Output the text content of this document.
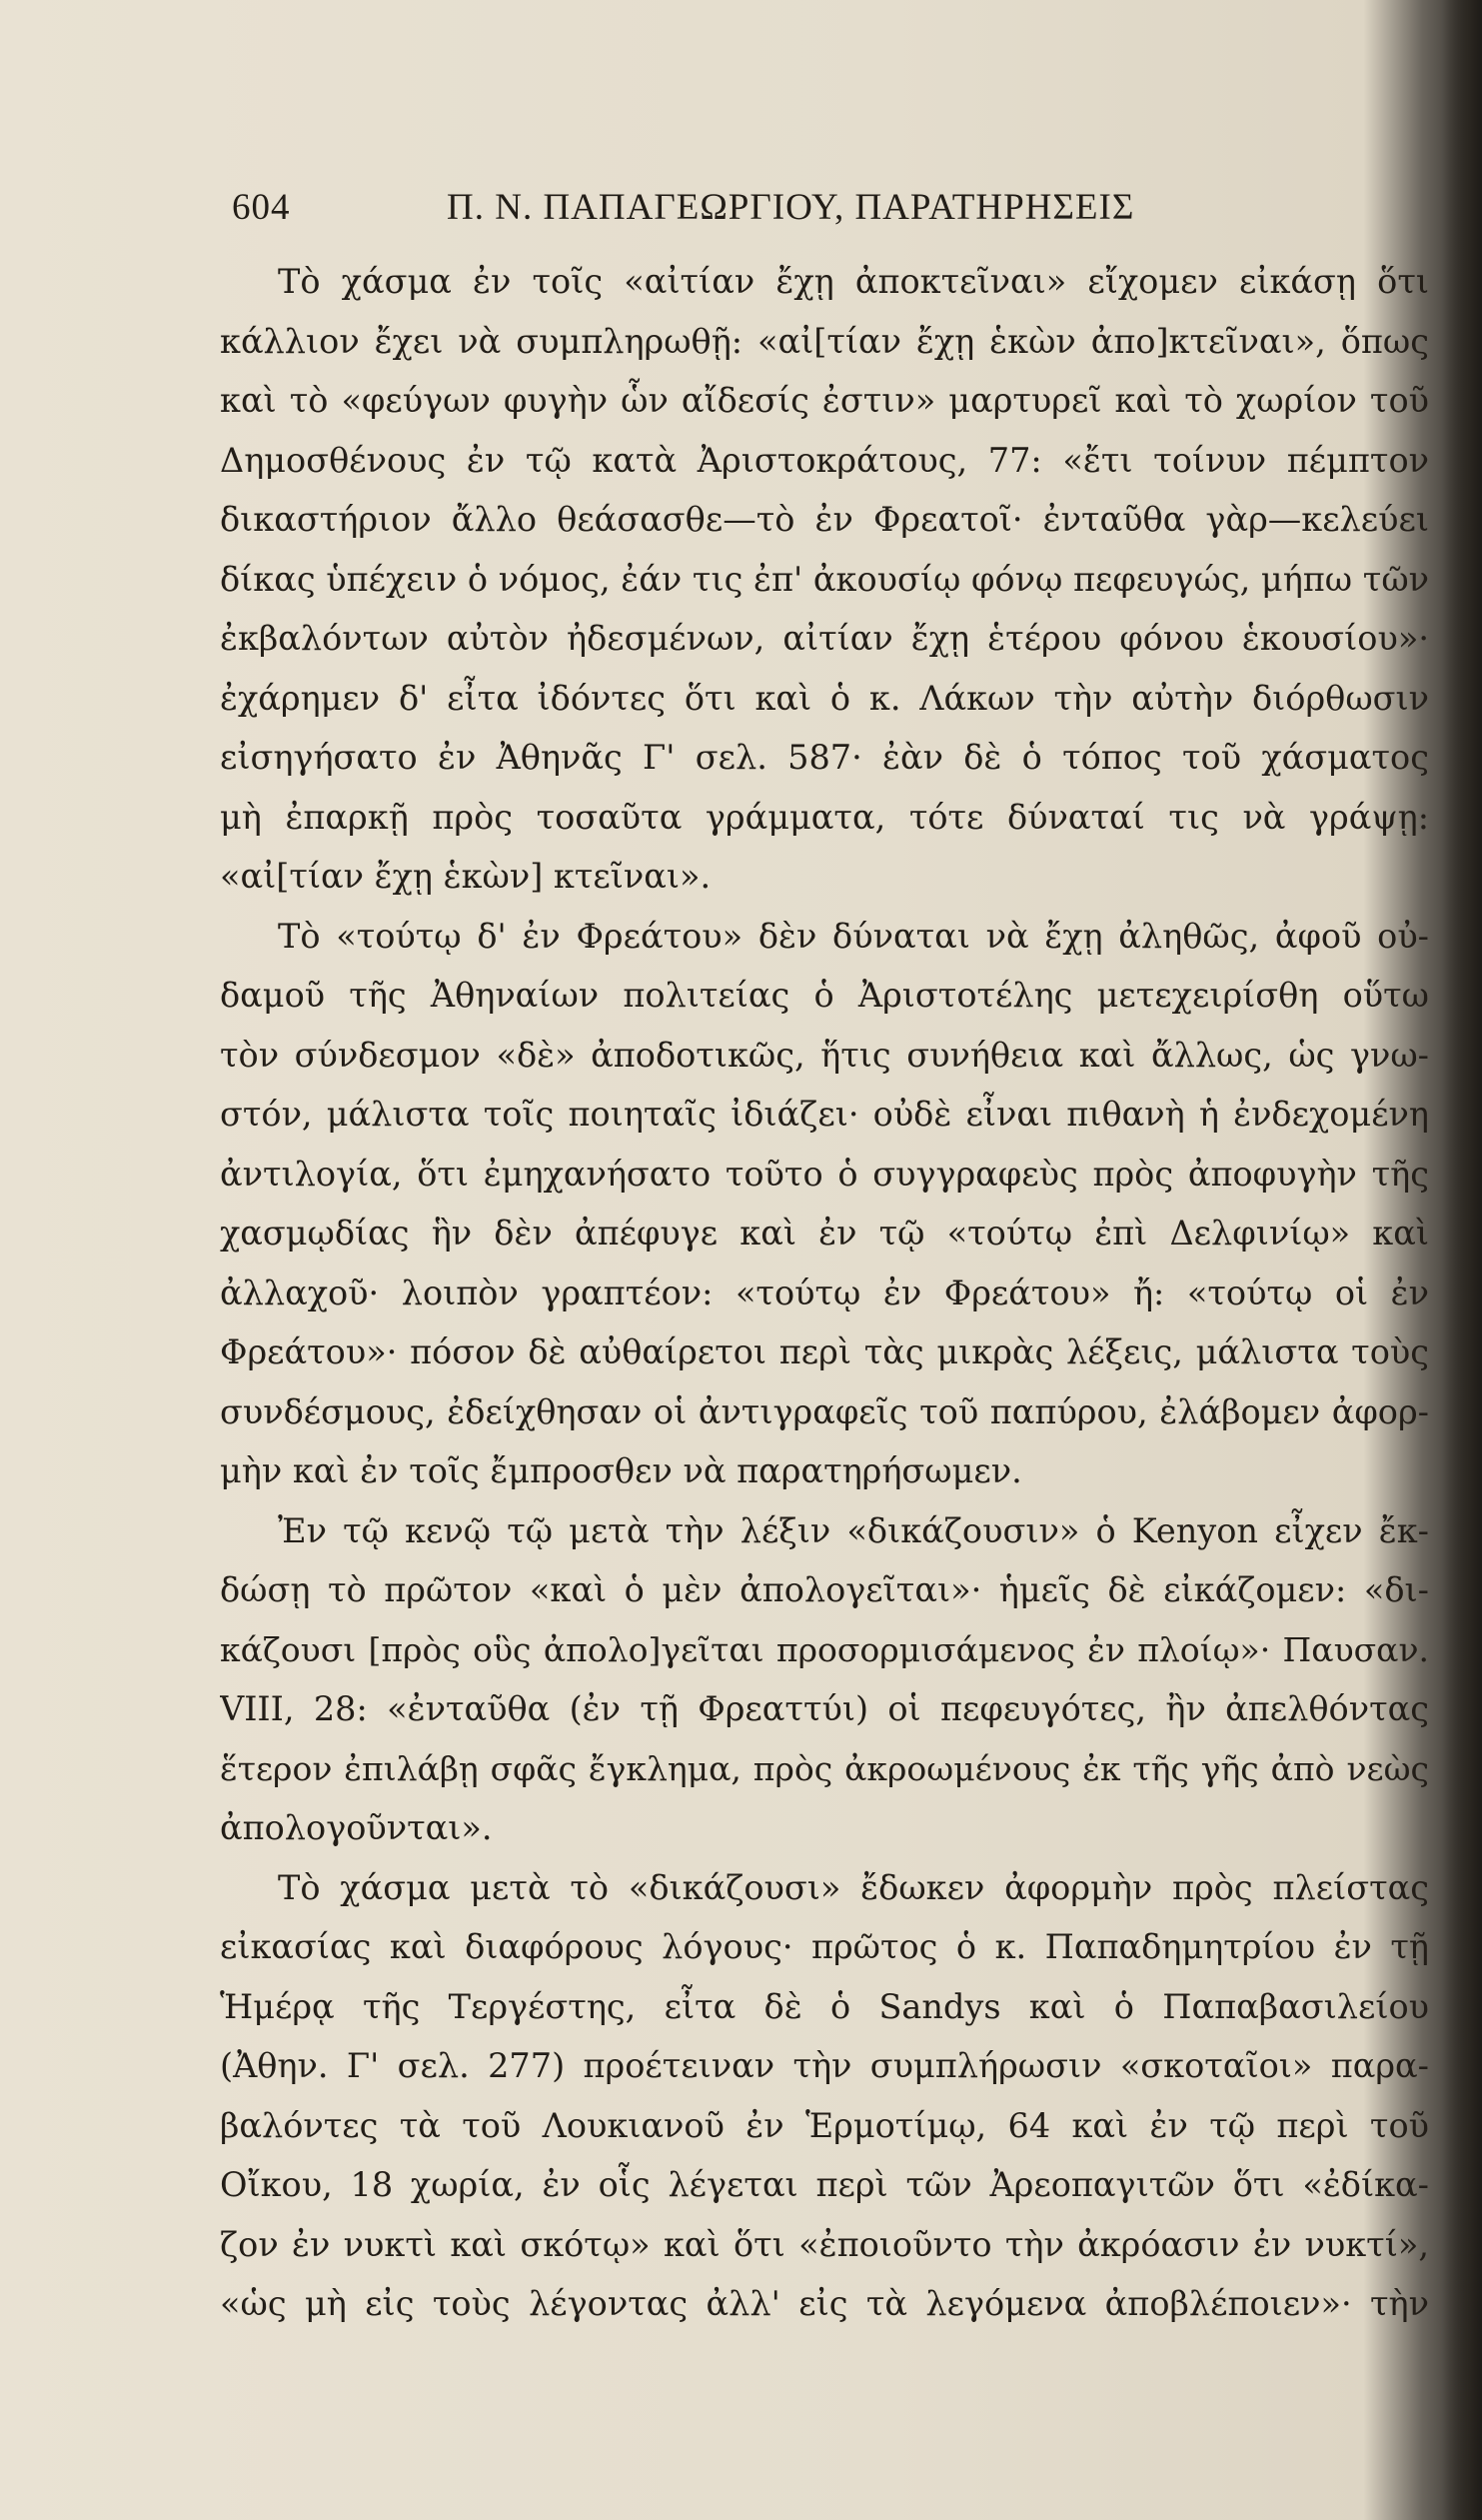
604	Π. Ν. ΠΑΠΑΓΕΩΡΓΙΟΥ, ΠΑΡΑΤΗΡΗΣΕΙΣ
Τὸ χάσμα ἐν τοῖς «αἰτίαν ἔχῃ ἀποκτεῖναι» εἴχομεν εἰκάσῃ ὅτι
κάλλιον ἔχει νὰ συμπληρωθῇ: «αἰ[τίαν ἔχῃ ἑκὼν ἀπο]κτεῖναι», ὅπως
καὶ τὸ «φεύγων φυγὴν ὧν αἴδεσίς ἐστιν» μαρτυρεῖ καὶ τὸ χωρίον τοῦ
Δημοσθένους ἐν τῷ κατὰ Ἀριστοκράτους, 77: «ἔτι τοίνυν πέμπτον
δικαστήριον ἄλλο θεάσασθε—τὸ ἐν Φρεατοῖ· ἐνταῦθα γὰρ—κελεύει
δίκας ὑπέχειν ὁ νόμος, ἐάν τις ἐπ' ἀκουσίῳ φόνῳ πεφευγώς, μήπω τῶν
ἐκβαλόντων αὐτὸν ἠδεσμένων, αἰτίαν ἔχῃ ἑτέρου φόνου ἑκουσίου»·
ἐχάρημεν δ' εἶτα ἰδόντες ὅτι καὶ ὁ κ. Λάκων τὴν αὐτὴν διόρθωσιν
εἰσηγήσατο ἐν Ἀθηνᾶς Γ' σελ. 587· ἐὰν δὲ ὁ τόπος τοῦ χάσματος
μὴ ἐπαρκῇ πρὸς τοσαῦτα γράμματα, τότε δύναταί τις νὰ γράψῃ:
«αἰ[τίαν ἔχῃ ἑκὼν] κτεῖναι».
Τὸ «τούτῳ δ' ἐν Φρεάτου» δὲν δύναται νὰ ἔχῃ ἀληθῶς, ἀφοῦ οὐ-
δαμοῦ τῆς Ἀθηναίων πολιτείας ὁ Ἀριστοτέλης μετεχειρίσθη οὕτω
τὸν σύνδεσμον «δὲ» ἀποδοτικῶς, ἥτις συνήθεια καὶ ἄλλως, ὡς γνω-
στόν, μάλιστα τοῖς ποιηταῖς ἰδιάζει· οὐδὲ εἶναι πιθανὴ ἡ ἐνδεχομένη
ἀντιλογία, ὅτι ἐμηχανήσατο τοῦτο ὁ συγγραφεὺς πρὸς ἀποφυγὴν τῆς
χασμῳδίας ἣν δὲν ἀπέφυγε καὶ ἐν τῷ «τούτῳ ἐπὶ Δελφινίῳ» καὶ
ἀλλαχοῦ· λοιπὸν γραπτέον: «τούτῳ ἐν Φρεάτου» ἤ: «τούτῳ οἱ ἐν
Φρεάτου»· πόσον δὲ αὐθαίρετοι περὶ τὰς μικρὰς λέξεις, μάλιστα τοὺς
συνδέσμους, ἐδείχθησαν οἱ ἀντιγραφεῖς τοῦ παπύρου, ἐλάβομεν ἀφορ-
μὴν καὶ ἐν τοῖς ἔμπροσθεν νὰ παρατηρήσωμεν.
Ἐν τῷ κενῷ τῷ μετὰ τὴν λέξιν «δικάζουσιν» ὁ Kenyon εἶχεν ἔκ-
δώσῃ τὸ πρῶτον «καὶ ὁ μὲν ἀπολογεῖται»· ἡμεῖς δὲ εἰκάζομεν: «δι-
κάζουσι [πρὸς οὓς ἀπολο]γεῖται προσορμισάμενος ἐν πλοίῳ»· Παυσαν.
VIII, 28: «ἐνταῦθα (ἐν τῇ Φρεαττύι) οἱ πεφευγότες, ἢν ἀπελθόντας
ἕτερον ἐπιλάβῃ σφᾶς ἔγκλημα, πρὸς ἀκροωμένους ἐκ τῆς γῆς ἀπὸ νεὼς
ἀπολογοῦνται».
Τὸ χάσμα μετὰ τὸ «δικάζουσι» ἔδωκεν ἀφορμὴν πρὸς πλείστας
εἰκασίας καὶ διαφόρους λόγους· πρῶτος ὁ κ. Παπαδημητρίου ἐν τῇ
Ἡμέρᾳ τῆς Τεργέστης, εἶτα δὲ ὁ Sandys καὶ ὁ Παπαβασιλείου
(Ἀθην. Γ' σελ. 277) προέτειναν τὴν συμπλήρωσιν «σκοταῖοι» παρα-
βαλόντες τὰ τοῦ Λουκιανοῦ ἐν Ἑρμοτίμῳ, 64 καὶ ἐν τῷ περὶ τοῦ
Οἴκου, 18 χωρία, ἐν οἷς λέγεται περὶ τῶν Ἀρεοπαγιτῶν ὅτι «ἐδίκα-
ζον ἐν νυκτὶ καὶ σκότῳ» καὶ ὅτι «ἐποιοῦντο τὴν ἀκρόασιν ἐν νυκτί»,
«ὡς μὴ εἰς τοὺς λέγοντας ἀλλ' εἰς τὰ λεγόμενα ἀποβλέποιεν»· τὴν
